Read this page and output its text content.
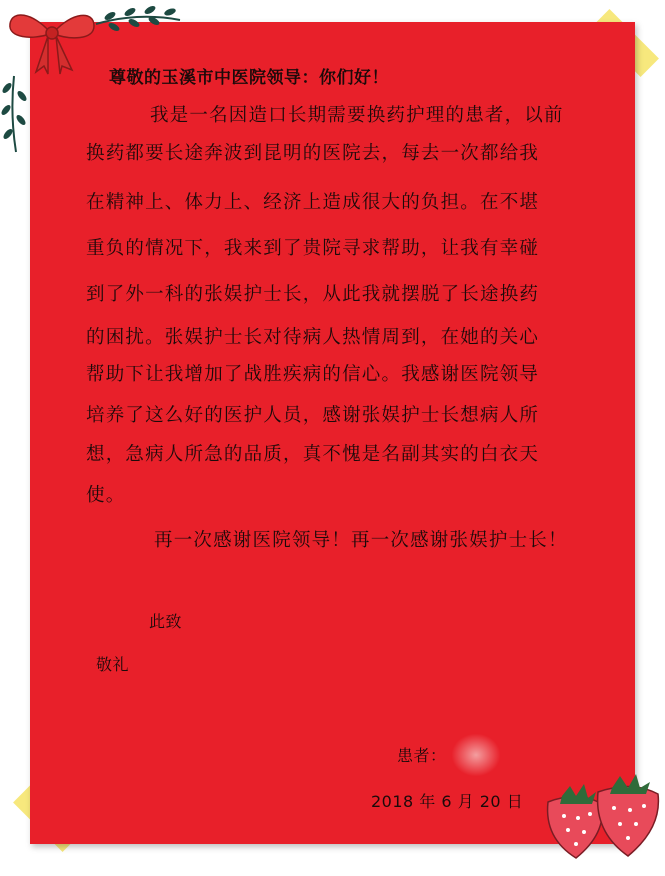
尊敬的玉溪市中医院领导：你们好！
我是一名因造口长期需要换药护理的患者，以前
换药都要长途奔波到昆明的医院去，每去一次都给我
在精神上、体力上、经济上造成很大的负担。在不堪
重负的情况下，我来到了贵院寻求帮助，让我有幸碰
到了外一科的张娱护士长，从此我就摆脱了长途换药
的困扰。张娱护士长对待病人热情周到，在她的关心
帮助下让我增加了战胜疾病的信心。我感谢医院领导
培养了这么好的医护人员，感谢张娱护士长想病人所
想，急病人所急的品质，真不愧是名副其实的白衣天
使。
再一次感谢医院领导！再一次感谢张娱护士长！
此致
敬礼
患者：
2018 年 6 月 20 日
